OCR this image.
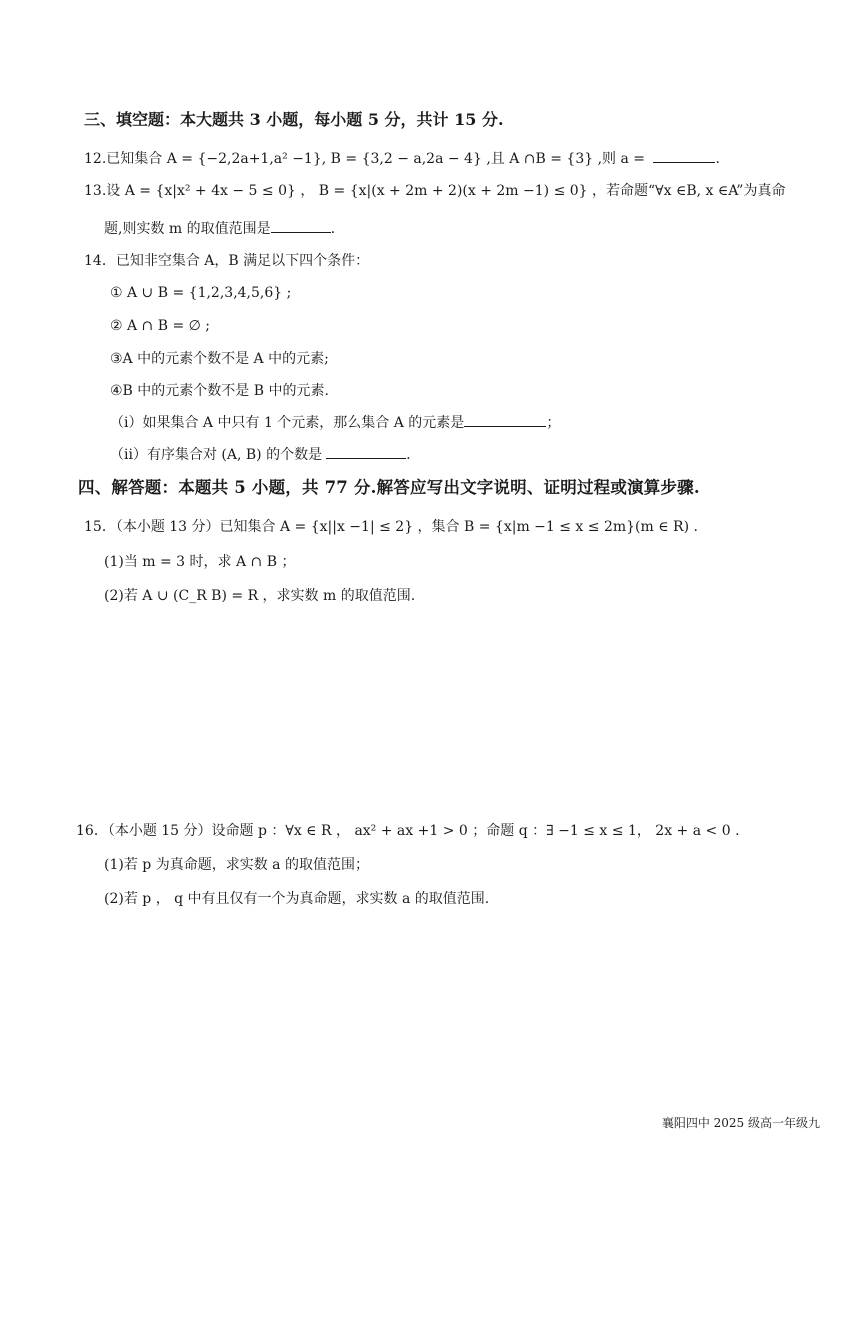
三、填空题：本大题共 3 小题，每小题 5 分，共计 15 分.
12.已知集合 A = {−2,2a+1,a² −1}, B = {3,2 − a,2a − 4} ,且 A ∩B = {3} ,则 a =	.
13.设 A = {x|x² + 4x − 5 ≤ 0} ， B = {x|(x + 2m + 2)(x + 2m −1) ≤ 0} ，若命题“∀x ∈B, x ∈A”为真命
题,则实数 m 的取值范围是	.
14．已知非空集合 A，B 满足以下四个条件：
① A ∪ B = {1,2,3,4,5,6} ;
② A ∩ B = ∅ ;
③A 中的元素个数不是 A 中的元素;
④B 中的元素个数不是 B 中的元素.
（i）如果集合 A 中只有 1 个元素，那么集合 A 的元素是	；
（ii）有序集合对 (A, B) 的个数是	.
四、解答题：本题共 5 小题，共 77 分.解答应写出文字说明、证明过程或演算步骤.
15．（本小题 13 分）已知集合 A = {x||x −1| ≤ 2} ，集合 B = {x|m −1 ≤ x ≤ 2m}(m ∈ R) .
(1)当 m = 3 时，求 A ∩ B ；
(2)若 A ∪ (C_R B) = R ，求实数 m 的取值范围.
16．（本小题 15 分）设命题 p ：∀x ∈ R ， ax² + ax +1 > 0 ；命题 q ：∃ −1 ≤ x ≤ 1， 2x + a < 0 .
(1)若 p 为真命题，求实数 a 的取值范围；
(2)若 p ， q 中有且仅有一个为真命题，求实数 a 的取值范围.
襄阳四中 2025 级高一年级九
